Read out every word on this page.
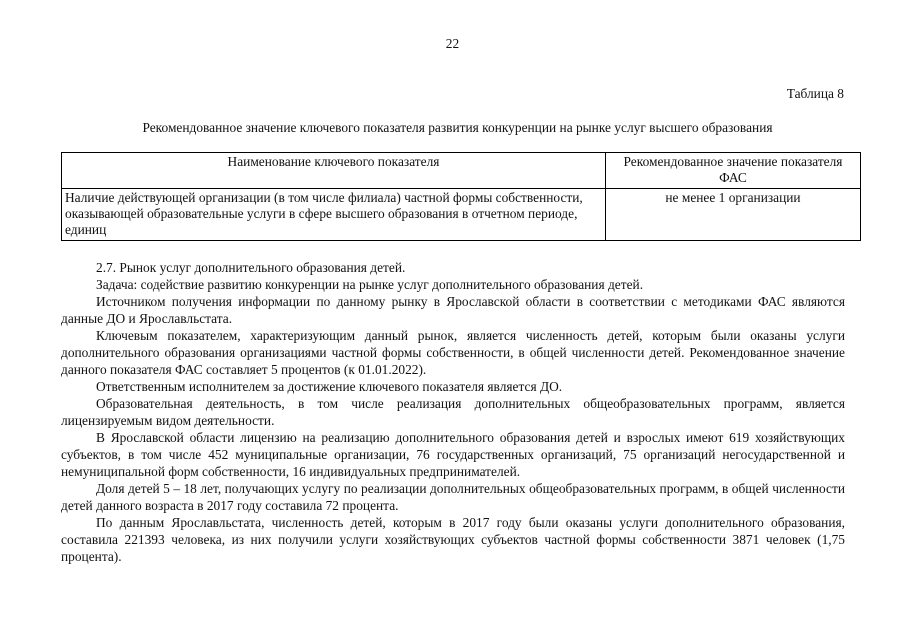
22
Таблица 8
Рекомендованное значение ключевого показателя развития конкуренции на рынке услуг высшего образования
Наименование ключевого показателя	Рекомендованное значение показателя ФАС
Наличие действующей организации (в том числе филиала) частной формы собственности, оказывающей образовательные услуги в сфере высшего образования в отчетном периоде, единиц	не менее 1 организации

2.7. Рынок услуг дополнительного образования детей.

Задача: содействие развитию конкуренции на рынке услуг дополнительного образования детей.

Источником получения информации по данному рынку в Ярославской области в соответствии с методиками ФАС являются данные ДО и Ярославльстата.

Ключевым показателем, характеризующим данный рынок, является численность детей, которым были оказаны услуги дополнительного образования организациями частной формы собственности, в общей численности детей. Рекомендованное значение данного показателя ФАС составляет 5 процентов (к 01.01.2022).

Ответственным исполнителем за достижение ключевого показателя является ДО.

Образовательная деятельность, в том числе реализация дополнительных общеобразовательных программ, является лицензируемым видом деятельности.

В Ярославской области лицензию на реализацию дополнительного образования детей и взрослых имеют 619 хозяйствующих субъектов, в том числе 452 муниципальные организации, 76 государственных организаций, 75 организаций негосударственной и немуниципальной форм собственности, 16 индивидуальных предпринимателей.

Доля детей 5 – 18 лет, получающих услугу по реализации дополнительных общеобразовательных программ, в общей численности детей данного возраста в 2017 году составила 72 процента.

По данным Ярославльстата, численность детей, которым в 2017 году были оказаны услуги дополнительного образования, составила 221393 человека, из них получили услуги хозяйствующих субъектов частной формы собственности 3871 человек (1,75 процента).
